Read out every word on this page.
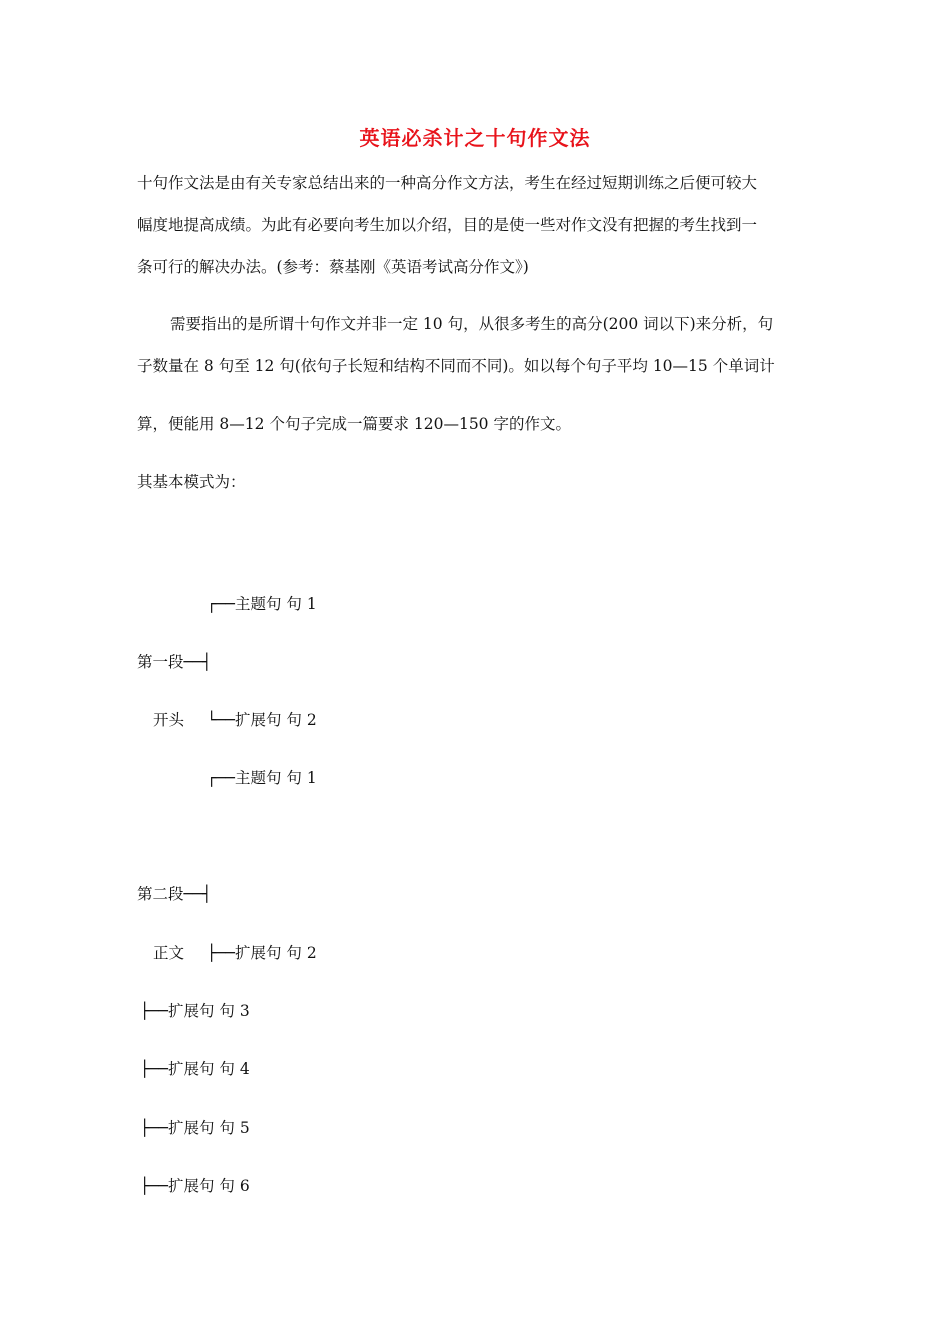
英语必杀计之十句作文法
十句作文法是由有关专家总结出来的一种高分作文方法，考生在经过短期训练之后便可较大
幅度地提高成绩。为此有必要向考生加以介绍，目的是使一些对作文没有把握的考生找到一
条可行的解决办法。(参考：蔡基刚《英语考试高分作文》)
需要指出的是所谓十句作文并非一定 10 句，从很多考生的高分(200 词以下)来分析，句
子数量在 8 句至 12 句(依句子长短和结构不同而不同)。如以每个句子平均 10—15 个单词计
算，便能用 8—12 个句子完成一篇要求 120—150 字的作文。
其基本模式为：
┌──主题句 句 1
第一段──┤
开头 └──扩展句 句 2
┌──主题句 句 1
第二段──┤
正文 ├──扩展句 句 2
├──扩展句 句 3
├──扩展句 句 4
├──扩展句 句 5
├──扩展句 句 6
